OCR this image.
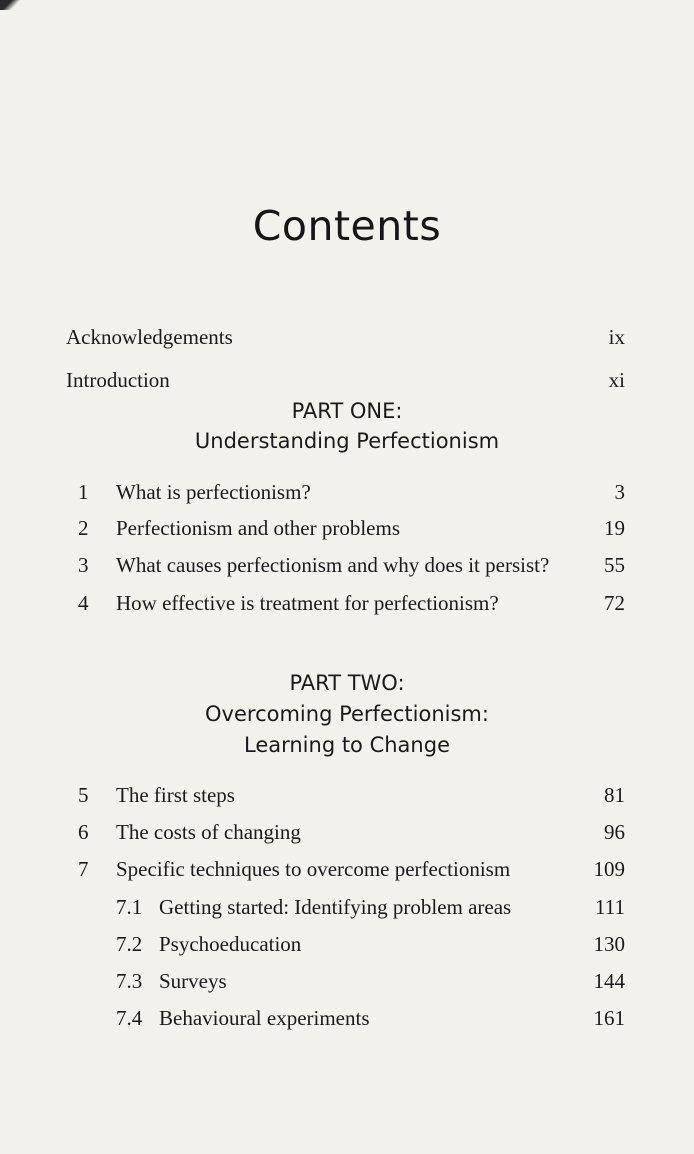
Contents
Acknowledgements	ix
Introduction	xi
PART ONE:
Understanding Perfectionism
1 What is perfectionism?	3
2 Perfectionism and other problems	19
3 What causes perfectionism and why does it persist?	55
4 How effective is treatment for perfectionism?	72
PART TWO:
Overcoming Perfectionism:
Learning to Change
5 The first steps	81
6 The costs of changing	96
7 Specific techniques to overcome perfectionism	109
7.1 Getting started: Identifying problem areas	111
7.2 Psychoeducation	130
7.3 Surveys	144
7.4 Behavioural experiments	161
